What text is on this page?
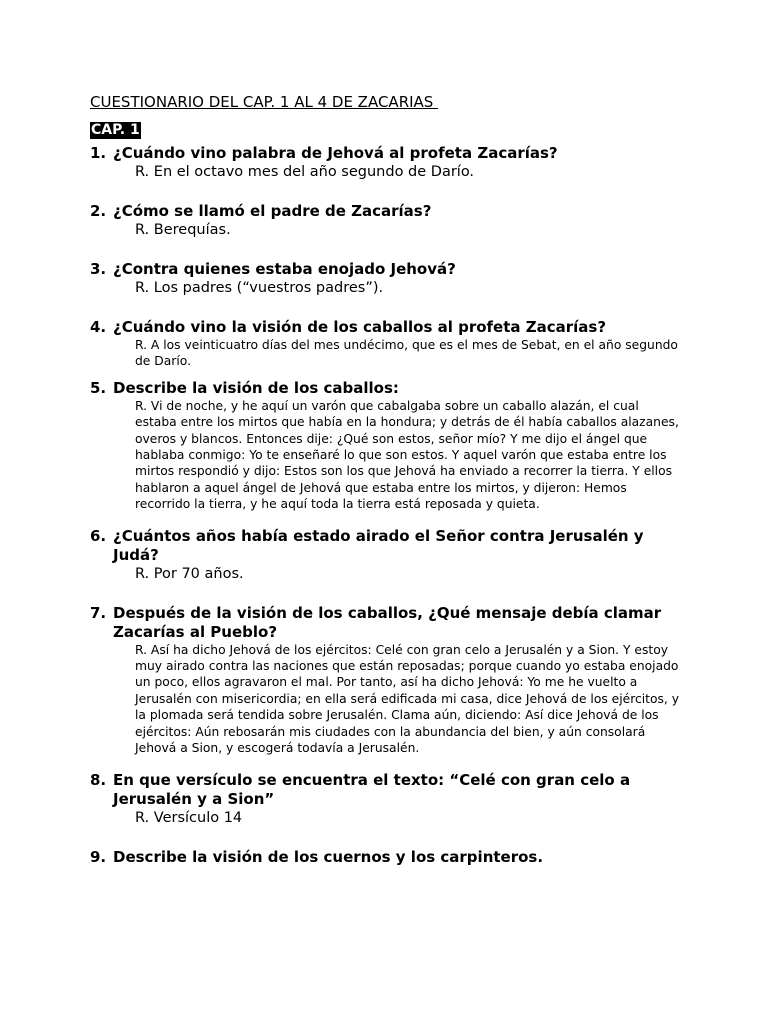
CUESTIONARIO DEL CAP. 1 AL 4 DE ZACARIAS
CAP. 1
1. ¿Cuándo vino palabra de Jehová al profeta Zacarías?
R. En el octavo mes del año segundo de Darío.
2. ¿Cómo se llamó el padre de Zacarías?
R. Berequías.
3. ¿Contra quienes estaba enojado Jehová?
R. Los padres (“vuestros padres”).
4. ¿Cuándo vino la visión de los caballos al profeta Zacarías?
R. A los veinticuatro días del mes undécimo, que es el mes de Sebat, en el año segundo de Darío.
5. Describe la visión de los caballos:
R. Vi de noche, y he aquí un varón que cabalgaba sobre un caballo alazán, el cual estaba entre los mirtos que había en la hondura; y detrás de él había caballos alazanes, overos y blancos. Entonces dije: ¿Qué son estos, señor mío? Y me dijo el ángel que hablaba conmigo: Yo te enseñaré lo que son estos. Y aquel varón que estaba entre los mirtos respondió y dijo: Estos son los que Jehová ha enviado a recorrer la tierra. Y ellos hablaron a aquel ángel de Jehová que estaba entre los mirtos, y dijeron: Hemos recorrido la tierra, y he aquí toda la tierra está reposada y quieta.
6. ¿Cuántos años había estado airado el Señor contra Jerusalén y Judá?
R. Por 70 años.
7. Después de la visión de los caballos, ¿Qué mensaje debía clamar Zacarías al Pueblo?
R. Así ha dicho Jehová de los ejércitos: Celé con gran celo a Jerusalén y a Sion. Y estoy muy airado contra las naciones que están reposadas; porque cuando yo estaba enojado un poco, ellos agravaron el mal. Por tanto, así ha dicho Jehová: Yo me he vuelto a Jerusalén con misericordia; en ella será edificada mi casa, dice Jehová de los ejércitos, y la plomada será tendida sobre Jerusalén. Clama aún, diciendo: Así dice Jehová de los ejércitos: Aún rebosarán mis ciudades con la abundancia del bien, y aún consolará Jehová a Sion, y escogerá todavía a Jerusalén.
8. En que versículo se encuentra el texto: “Celé con gran celo a Jerusalén y a Sion”
R. Versículo 14
9. Describe la visión de los cuernos y los carpinteros.
